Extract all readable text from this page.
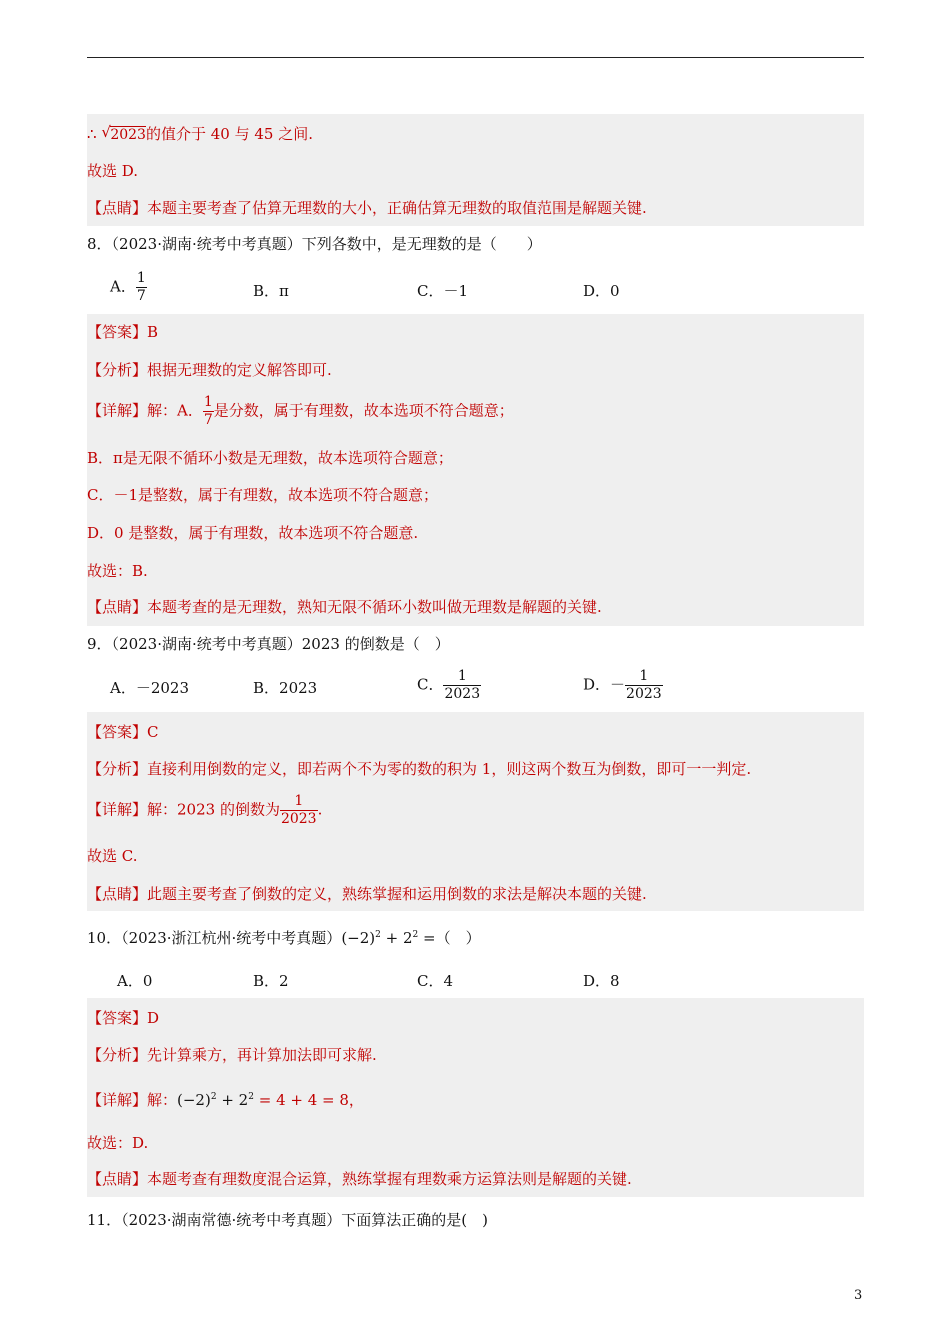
∴ √ 2023的值介于 40 与 45 之间.
故选 D.
【点睛】本题主要考查了估算无理数的大小，正确估算无理数的取值范围是解题关键.
8．（2023·湖南·统考中考真题）下列各数中，是无理数的是（　　）
A． $\frac{1}{7}$	B．π	C．－1	D．0
【答案】B
【分析】根据无理数的定义解答即可.
【详解】解：A． $\frac{1}{7}$ 是分数，属于有理数，故本选项不符合题意；
B．π是无限不循环小数是无理数，故本选项符合题意；
C．－1是整数，属于有理数，故本选项不符合题意；
D．0 是整数，属于有理数，故本选项不符合题意.
故选：B.
【点睛】本题考查的是无理数，熟知无限不循环小数叫做无理数是解题的关键.
9．（2023·湖南·统考中考真题）2023 的倒数是（　）
A．－2023	B．2023	C． $\frac{1}{2023}$	D．－ $\frac{1}{2023}$
【答案】C
【分析】直接利用倒数的定义，即若两个不为零的数的积为 1，则这两个数互为倒数，即可一一判定.
【详解】解：2023 的倒数为 $\frac{1}{2023}$ .
故选 C.
【点睛】此题主要考查了倒数的定义，熟练掌握和运用倒数的求法是解决本题的关键.
10．（2023·浙江杭州·统考中考真题）$(-2)^2 + 2^2$ =（　）
A．0	B．2	C．4	D．8
【答案】D
【分析】先计算乘方，再计算加法即可求解.
【详解】解：$(-2)^2 + 2^2 = 4 + 4 = 8$，
故选：D.
【点睛】本题考查有理数度混合运算，熟练掌握有理数乘方运算法则是解题的关键.
11．（2023·湖南常德·统考中考真题）下面算法正确的是(　)
3
